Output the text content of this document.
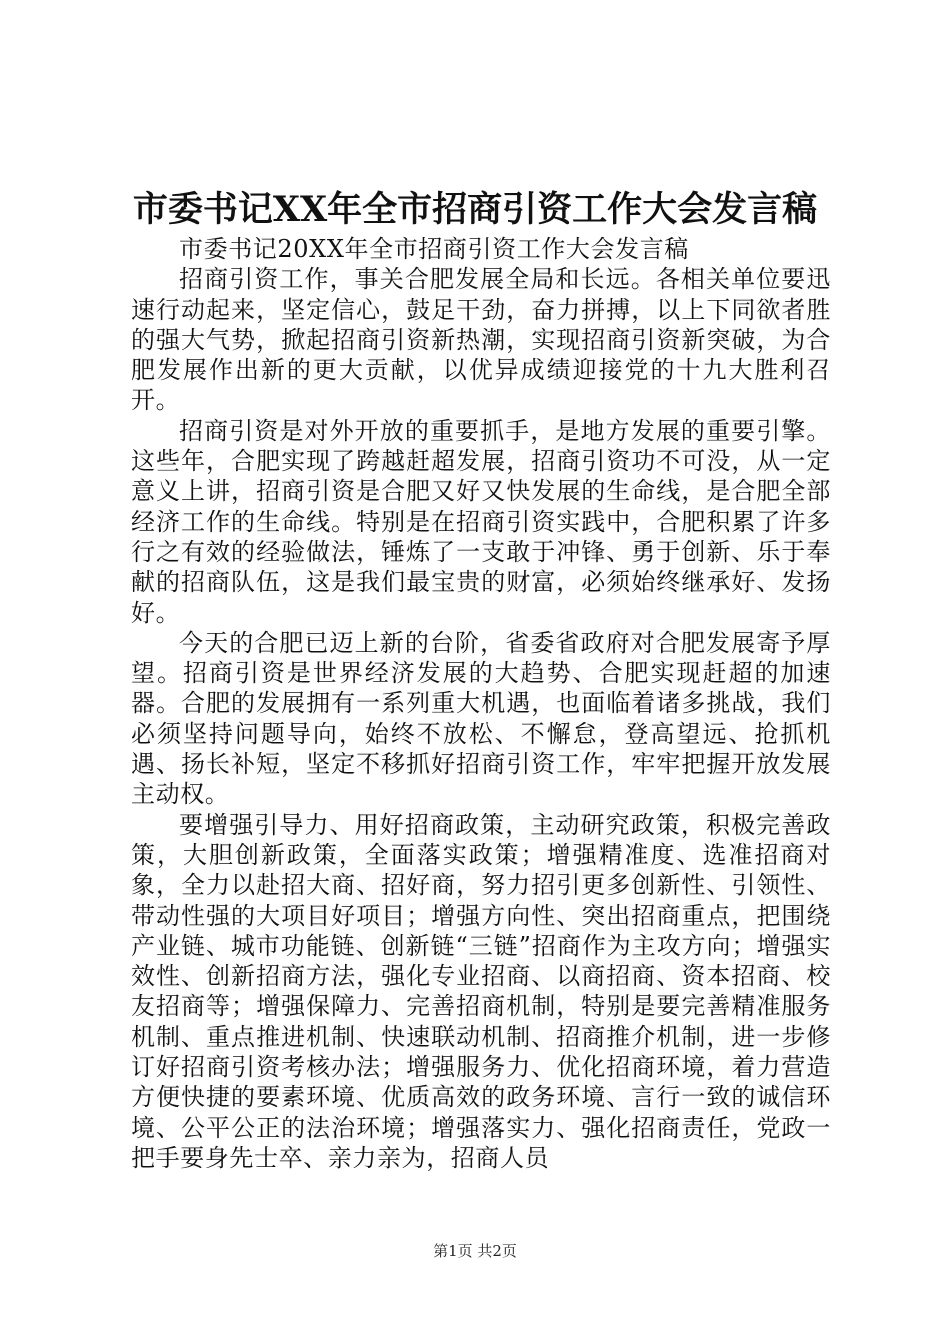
市委书记XX年全市招商引资工作大会发言稿

市委书记20XX年全市招商引资工作大会发言稿

招商引资工作，事关合肥发展全局和长远。各相关单位要迅速行动起来，坚定信心，鼓足干劲，奋力拼搏，以上下同欲者胜的强大气势，掀起招商引资新热潮，实现招商引资新突破，为合肥发展作出新的更大贡献，以优异成绩迎接党的十九大胜利召开。

招商引资是对外开放的重要抓手，是地方发展的重要引擎。这些年，合肥实现了跨越赶超发展，招商引资功不可没，从一定意义上讲，招商引资是合肥又好又快发展的生命线，是合肥全部经济工作的生命线。特别是在招商引资实践中，合肥积累了许多行之有效的经验做法，锤炼了一支敢于冲锋、勇于创新、乐于奉献的招商队伍，这是我们最宝贵的财富，必须始终继承好、发扬好。

今天的合肥已迈上新的台阶，省委省政府对合肥发展寄予厚望。招商引资是世界经济发展的大趋势、合肥实现赶超的加速器。合肥的发展拥有一系列重大机遇，也面临着诸多挑战，我们必须坚持问题导向，始终不放松、不懈怠，登高望远、抢抓机遇、扬长补短，坚定不移抓好招商引资工作，牢牢把握开放发展主动权。

要增强引导力、用好招商政策，主动研究政策，积极完善政策，大胆创新政策，全面落实政策；增强精准度、选准招商对象，全力以赴招大商、招好商，努力招引更多创新性、引领性、带动性强的大项目好项目；增强方向性、突出招商重点，把围绕产业链、城市功能链、创新链“三链”招商作为主攻方向；增强实效性、创新招商方法，强化专业招商、以商招商、资本招商、校友招商等；增强保障力、完善招商机制，特别是要完善精准服务机制、重点推进机制、快速联动机制、招商推介机制，进一步修订好招商引资考核办法；增强服务力、优化招商环境，着力营造方便快捷的要素环境、优质高效的政务环境、言行一致的诚信环境、公平公正的法治环境；增强落实力、强化招商责任，党政一把手要身先士卒、亲力亲为，招商人员

第1页 共2页
